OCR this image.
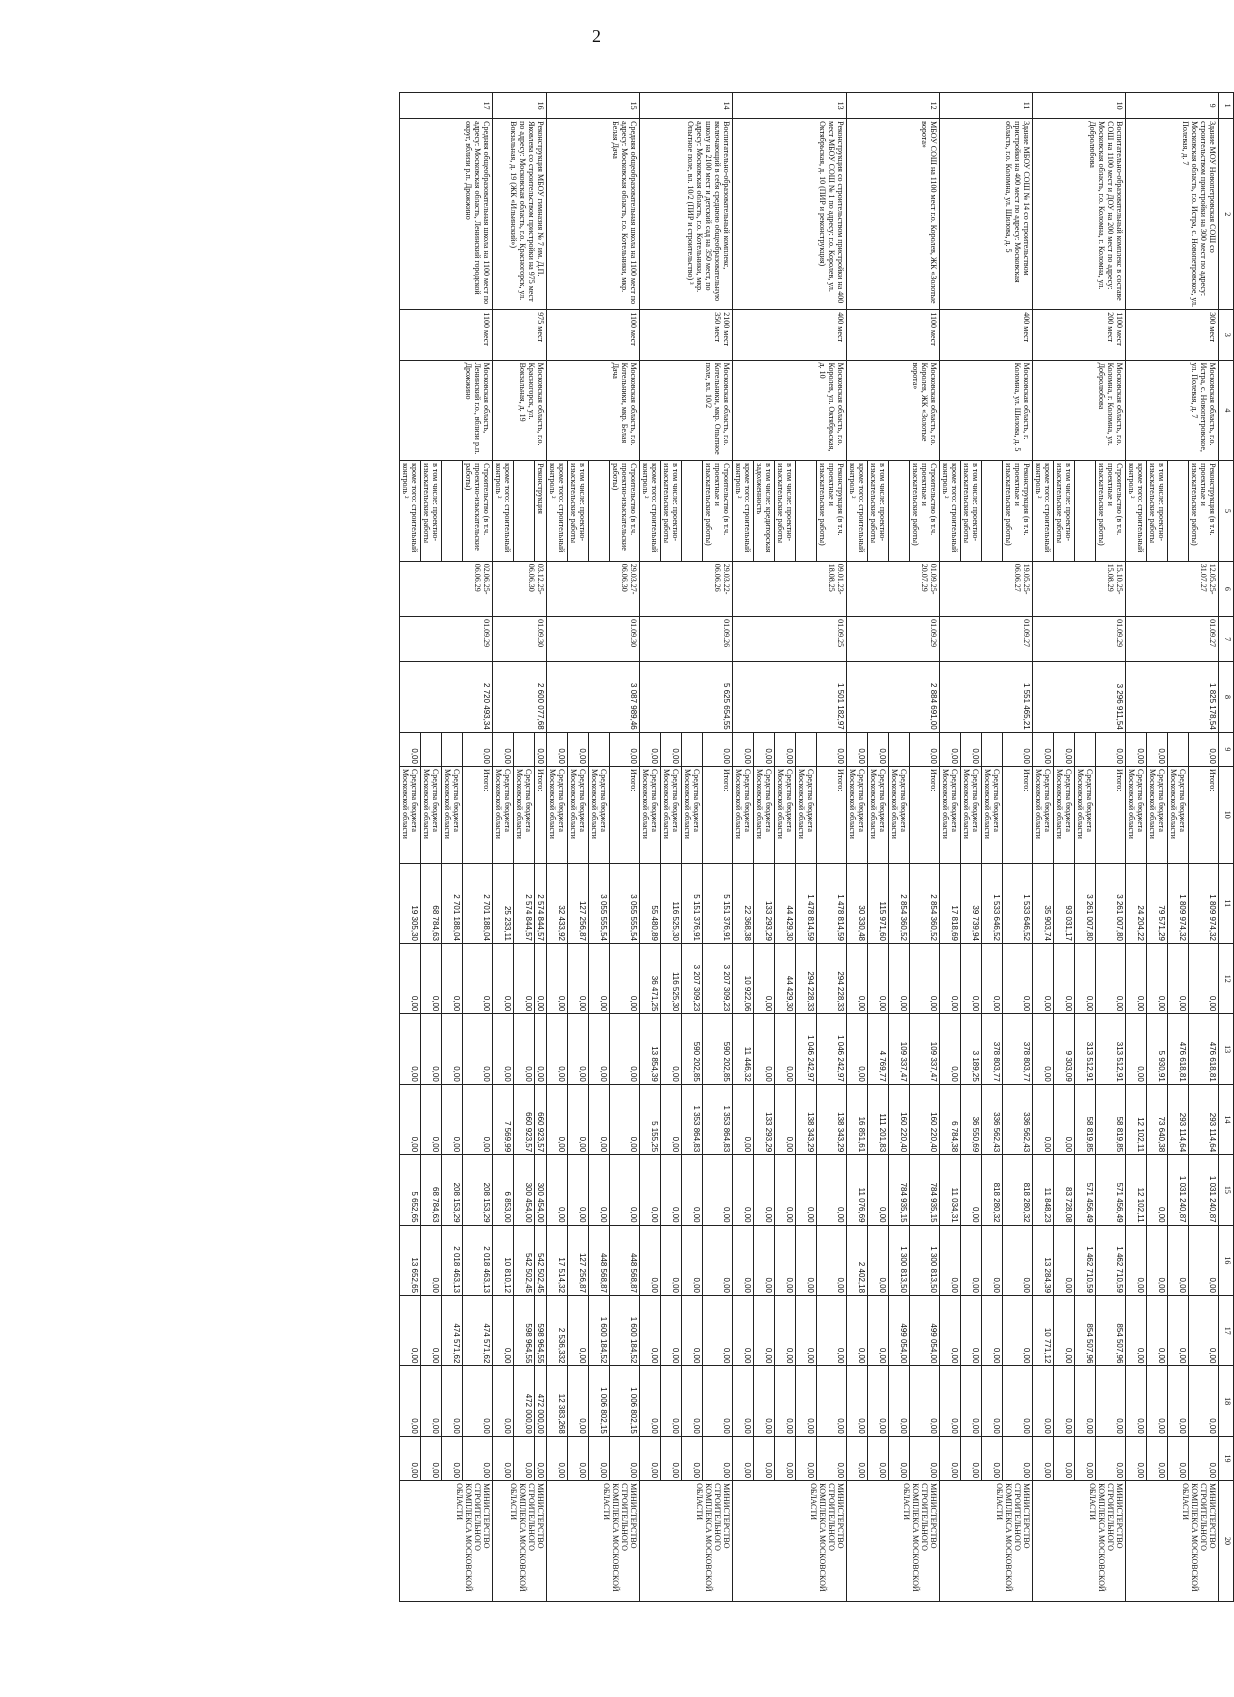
2
1	2	3	4	5	6	7	8	9	10	11	12	13	14	15	16	17	18	19	20
9	Здание МОУ Новопетровская СОШ со строительством пристройки на 300 мест по адресу: Московская область, г.о. Истра, с. Новопетровское, ул. Полевая, д. 7	300 мест	Московская область, г.о. Истра, с. Новопетровское, ул. Полевая, д. 7	Реконструкция (в т.ч. проектные и изыскательские работы)	12.05.25-31.07.27	01.09.27	1 825 178,54	0,00	Итого:	1 809 974,32	0,00	476 618,81	293 114,64	1 031 240,87	0,00	0,00	0,00	0,00	МИНИСТЕРСТВО СТРОИТЕЛЬНОГО КОМПЛЕКСА МОСКОВСКОЙ ОБЛАСТИ
									Средства бюджета Московской области	1 809 974,32	0,00	476 618,81	293 114,64	1 031 240,87	0,00	0,00	0,00	0,00	
				в том числе: проектно-изыскательские работы				0,00	Средства бюджета Московской области	79 571,29	0,00	5 930,91	73 640,38	0,00	0,00	0,00	0,00	0,00	
				кроме того: строительный контроль ²				0,00	Средства бюджета Московской области	24 204,22	0,00	0,00	12 102,11	12 102,11	0,00	0,00	0,00	0,00	
10	Воспитательно-образовательный комплекс в составе СОШ на 1100 мест и ДОУ на 200 мест по адресу: Московская область, г.о. Коломна, г. Коломна, ул. Добролюбова	1100 мест 200 мест	Московская область, г.о. Коломна, г. Коломна, ул. Добролюбова	Строительство (в т.ч. проектные и изыскательские работы)	15.10.25-15.08.29	01.09.29	3 296 911,54	0,00	Итого:	3 261 007,80	0,00	313 512,91	58 819,85	571 456,49	1 462 710,59	854 507,96	0,00	0,00	МИНИСТЕРСТВО СТРОИТЕЛЬНОГО КОМПЛЕКСА МОСКОВСКОЙ ОБЛАСТИ
									Средства бюджета Московской области	3 261 007,80	0,00	313 512,91	58 819,85	571 456,49	1 462 710,59	854 507,96	0,00	0,00	
				в том числе: проектно-изыскательские работы				0,00	Средства бюджета Московской области	93 031,17	0,00	9 303,09	0,00	83 728,08	0,00	0,00	0,00	0,00	
				кроме того: строительный контроль ²				0,00	Средства бюджета Московской области	35 903,74	0,00	0,00	0,00	11 848,23	13 284,39	10 771,12	0,00	0,00	
11	Здание МБОУ СОШ № 14 со строительством пристройки на 400 мест по адресу: Московская область, г.о. Коломна, ул. Шилова, д. 5	400 мест	Московская область, г. Коломна, ул. Шилова, д. 5	Реконструкция (в т.ч. проектные и изыскательские работы)	19.05.25-06.06.27	01.09.27	1 551 465,21	0,00	Итого:	1 533 646,52	0,00	378 803,77	336 562,43	818 280,32	0,00	0,00	0,00	0,00	МИНИСТЕРСТВО СТРОИТЕЛЬНОГО КОМПЛЕКСА МОСКОВСКОЙ ОБЛАСТИ
									Средства бюджета Московской области	1 533 646,52	0,00	378 803,77	336 562,43	818 280,32	0,00	0,00	0,00	0,00	
				в том числе: проектно-изыскательские работы				0,00	Средства бюджета Московской области	39 739,94	0,00	3 189,25	36 550,69	0,00	0,00	0,00	0,00	0,00	
				кроме того: строительный контроль ²				0,00	Средства бюджета Московской области	17 818,69	0,00	0,00	6 784,38	11 034,31	0,00	0,00	0,00	0,00	
12	МБОУ СОШ на 1100 мест г.о. Королев, ЖК «Золотые ворота»	1100 мест	Московская область, г.о. Королев, ЖК «Золотые ворота»	Строительство (в т.ч. проектные и изыскательские работы)	01.09.25-20.07.29	01.09.29	2 884 691,00	0,00	Итого:	2 854 360,52	0,00	109 337,47	160 220,40	784 935,15	1 300 813,50	499 054,00	0,00	0,00	МИНИСТЕРСТВО СТРОИТЕЛЬНОГО КОМПЛЕКСА МОСКОВСКОЙ ОБЛАСТИ
									Средства бюджета Московской области	2 854 360,52	0,00	109 337,47	160 220,40	784 935,15	1 300 813,50	499 054,00	0,00	0,00	
				в том числе: проектно-изыскательские работы				0,00	Средства бюджета Московской области	115 971,60	0,00	4 769,77	111 201,83	0,00	0,00	0,00	0,00	0,00	
				кроме того: строительный контроль ²				0,00	Средства бюджета Московской области	30 330,48	0,00	0,00	16 851,61	11 076,69	2 402,18	0,00	0,00	0,00	
13	Реконструкция со строительством пристройки на 400 мест МБОУ СОШ № 1 по адресу: г.о. Королев, ул. Октябрьская, д. 10 (ПИР и реконструкция)	400 мест	Московская область, г.о. Королев, ул. Октябрьская, д. 10	Реконструкция (в т.ч. проектные и изыскательские работы)	09.01.23-18.08.25	01.09.25	1 501 182,97	0,00	Итого:	1 478 814,59	294 228,33	1 046 242,97	138 343,29	0,00	0,00	0,00	0,00	0,00	МИНИСТЕРСТВО СТРОИТЕЛЬНОГО КОМПЛЕКСА МОСКОВСКОЙ ОБЛАСТИ
									Средства бюджета Московской области	1 478 814,59	294 228,33	1 046 242,97	138 343,29	0,00	0,00	0,00	0,00	0,00	
				в том числе: проектно-изыскательские работы				0,00	Средства бюджета Московской области	44 429,30	44 429,30	0,00	0,00	0,00	0,00	0,00	0,00	0,00	
				в том числе: кредиторская задолженность				0,00	Средства бюджета Московской области	133 293,29	0,00	0,00	133 293,29	0,00	0,00	0,00	0,00	0,00	
				кроме того: строительный контроль ²				0,00	Средства бюджета Московской области	22 368,38	10 922,06	11 446,32	0,00	0,00	0,00	0,00	0,00	0,00	
14	Воспитательно-образовательный комплекс, включающий в себя среднюю общеобразовательную школу на 2100 мест и детский сад на 350 мест, по адресу: Московская область, г.о. Котельники, мкр. Опытное поле, вл. 10/2 (ПИР и строительство) ³	2100 мест 350 мест	Московская область, г.о. Котельники, мкр. Опытное поле, вл. 10/2	Строительство (в т.ч. проектные и изыскательские работы)	29.03.22-06.06.26	01.09.26	5 625 654,55	0,00	Итого:	5 151 376,91	3 207 309,23	590 202,85	1 353 864,83	0,00	0,00	0,00	0,00	0,00	МИНИСТЕРСТВО СТРОИТЕЛЬНОГО КОМПЛЕКСА МОСКОВСКОЙ ОБЛАСТИ
									Средства бюджета Московской области	5 151 376,91	3 207 309,23	590 202,85	1 353 864,83	0,00	0,00	0,00	0,00	0,00	
				в том числе: проектно-изыскательские работы				0,00	Средства бюджета Московской области	116 525,30	116 525,30	0,00	0,00	0,00	0,00	0,00	0,00	0,00	
				кроме того: строительный контроль ²				0,00	Средства бюджета Московской области	55 480,89	36 471,25	13 854,39	5 155,25	0,00	0,00	0,00	0,00	0,00	
15	Средняя общеобразовательная школа на 1100 мест по адресу: Московская область, г.о. Котельники, мкр. Белая Дача	1100 мест	Московская область, г.о. Котельники, мкр. Белая Дача	Строительство (в т.ч. проектно-изыскательские работы)	29.03.27-06.06.30	01.09.30	3 087 989,46	0,00	Итого:	3 055 555,54	0,00	0,00	0,00	0,00	448 568,87	1 600 184,52	1 006 802,15	0,00	МИНИСТЕРСТВО СТРОИТЕЛЬНОГО КОМПЛЕКСА МОСКОВСКОЙ ОБЛАСТИ
									Средства бюджета Московской области	3 055 555,54	0,00	0,00	0,00	0,00	448 568,87	1 600 184,52	1 006 802,15	0,00	
				в том числе: проектно-изыскательские работы				0,00	Средства бюджета Московской области	127 256,87	0,00	0,00	0,00	0,00	127 256,87	0,00	0,00	0,00	
				кроме того: строительный контроль ²				0,00	Средства бюджета Московской области	32 433,92	0,00	0,00	0,00	0,00	17 514,32	2 536,332	12 383,268	0,00	
16	Реконструкция МБОУ гимназия № 7 им. Д.П. Яковлева со строительством пристройки на 975 мест по адресу: Московская область, г.о. Красногорск, ул. Вокзальная, д. 19 (ЖК «Ильинский»)	975 мест	Московская область, г.о. Красногорск, ул. Вокзальная, д. 19	Реконструкция	03.12.25-06.06.30	01.09.30	2 600 077,68	0,00	Итого:	2 574 844,57	0,00	0,00	660 923,57	300 454,00	542 502,45	598 964,55	472 000,00	0,00	МИНИСТЕРСТВО СТРОИТЕЛЬНОГО КОМПЛЕКСА МОСКОВСКОЙ ОБЛАСТИ
									Средства бюджета Московской области	2 574 844,57	0,00	0,00	660 923,57	300 454,00	542 502,45	598 964,55	472 000,00	0,00	
				кроме того: строительный контроль ²				0,00	Средства бюджета Московской области	25 233,11	0,00	0,00	7 569,99	6 853,00	10 810,12	0,00	0,00	0,00	
17	Средняя общеобразовательная школа на 1100 мест по адресу: Московская область, Ленинский городской округ, вблизи р.п. Дрожжино	1100 мест	Московская область, Ленинский г.о., вблизи р.п. Дрожжино	Строительство (в т.ч. проектно-изыскательские работы)	02.06.25-06.06.29	01.09.29	2 720 493,34	0,00	Итого:	2 701 188,04	0,00	0,00	0,00	208 153,29	2 018 463,13	474 571,62	0,00	0,00	МИНИСТЕРСТВО СТРОИТЕЛЬНОГО КОМПЛЕКСА МОСКОВСКОЙ ОБЛАСТИ
									Средства бюджета Московской области	2 701 188,04	0,00	0,00	0,00	208 153,29	2 018 463,13	474 571,62	0,00	0,00	
				в том числе: проектно-изыскательские работы					Средства бюджета Московской области	68 784,63	0,00	0,00	0,00	68 784,63	0,00	0,00	0,00	0,00	
				кроме того: строительный контроль ²				0,00	Средства бюджета Московской области	19 305,30	0,00	0,00	0,00	5 652,65	13 652,65	0,00	0,00	0,00	
